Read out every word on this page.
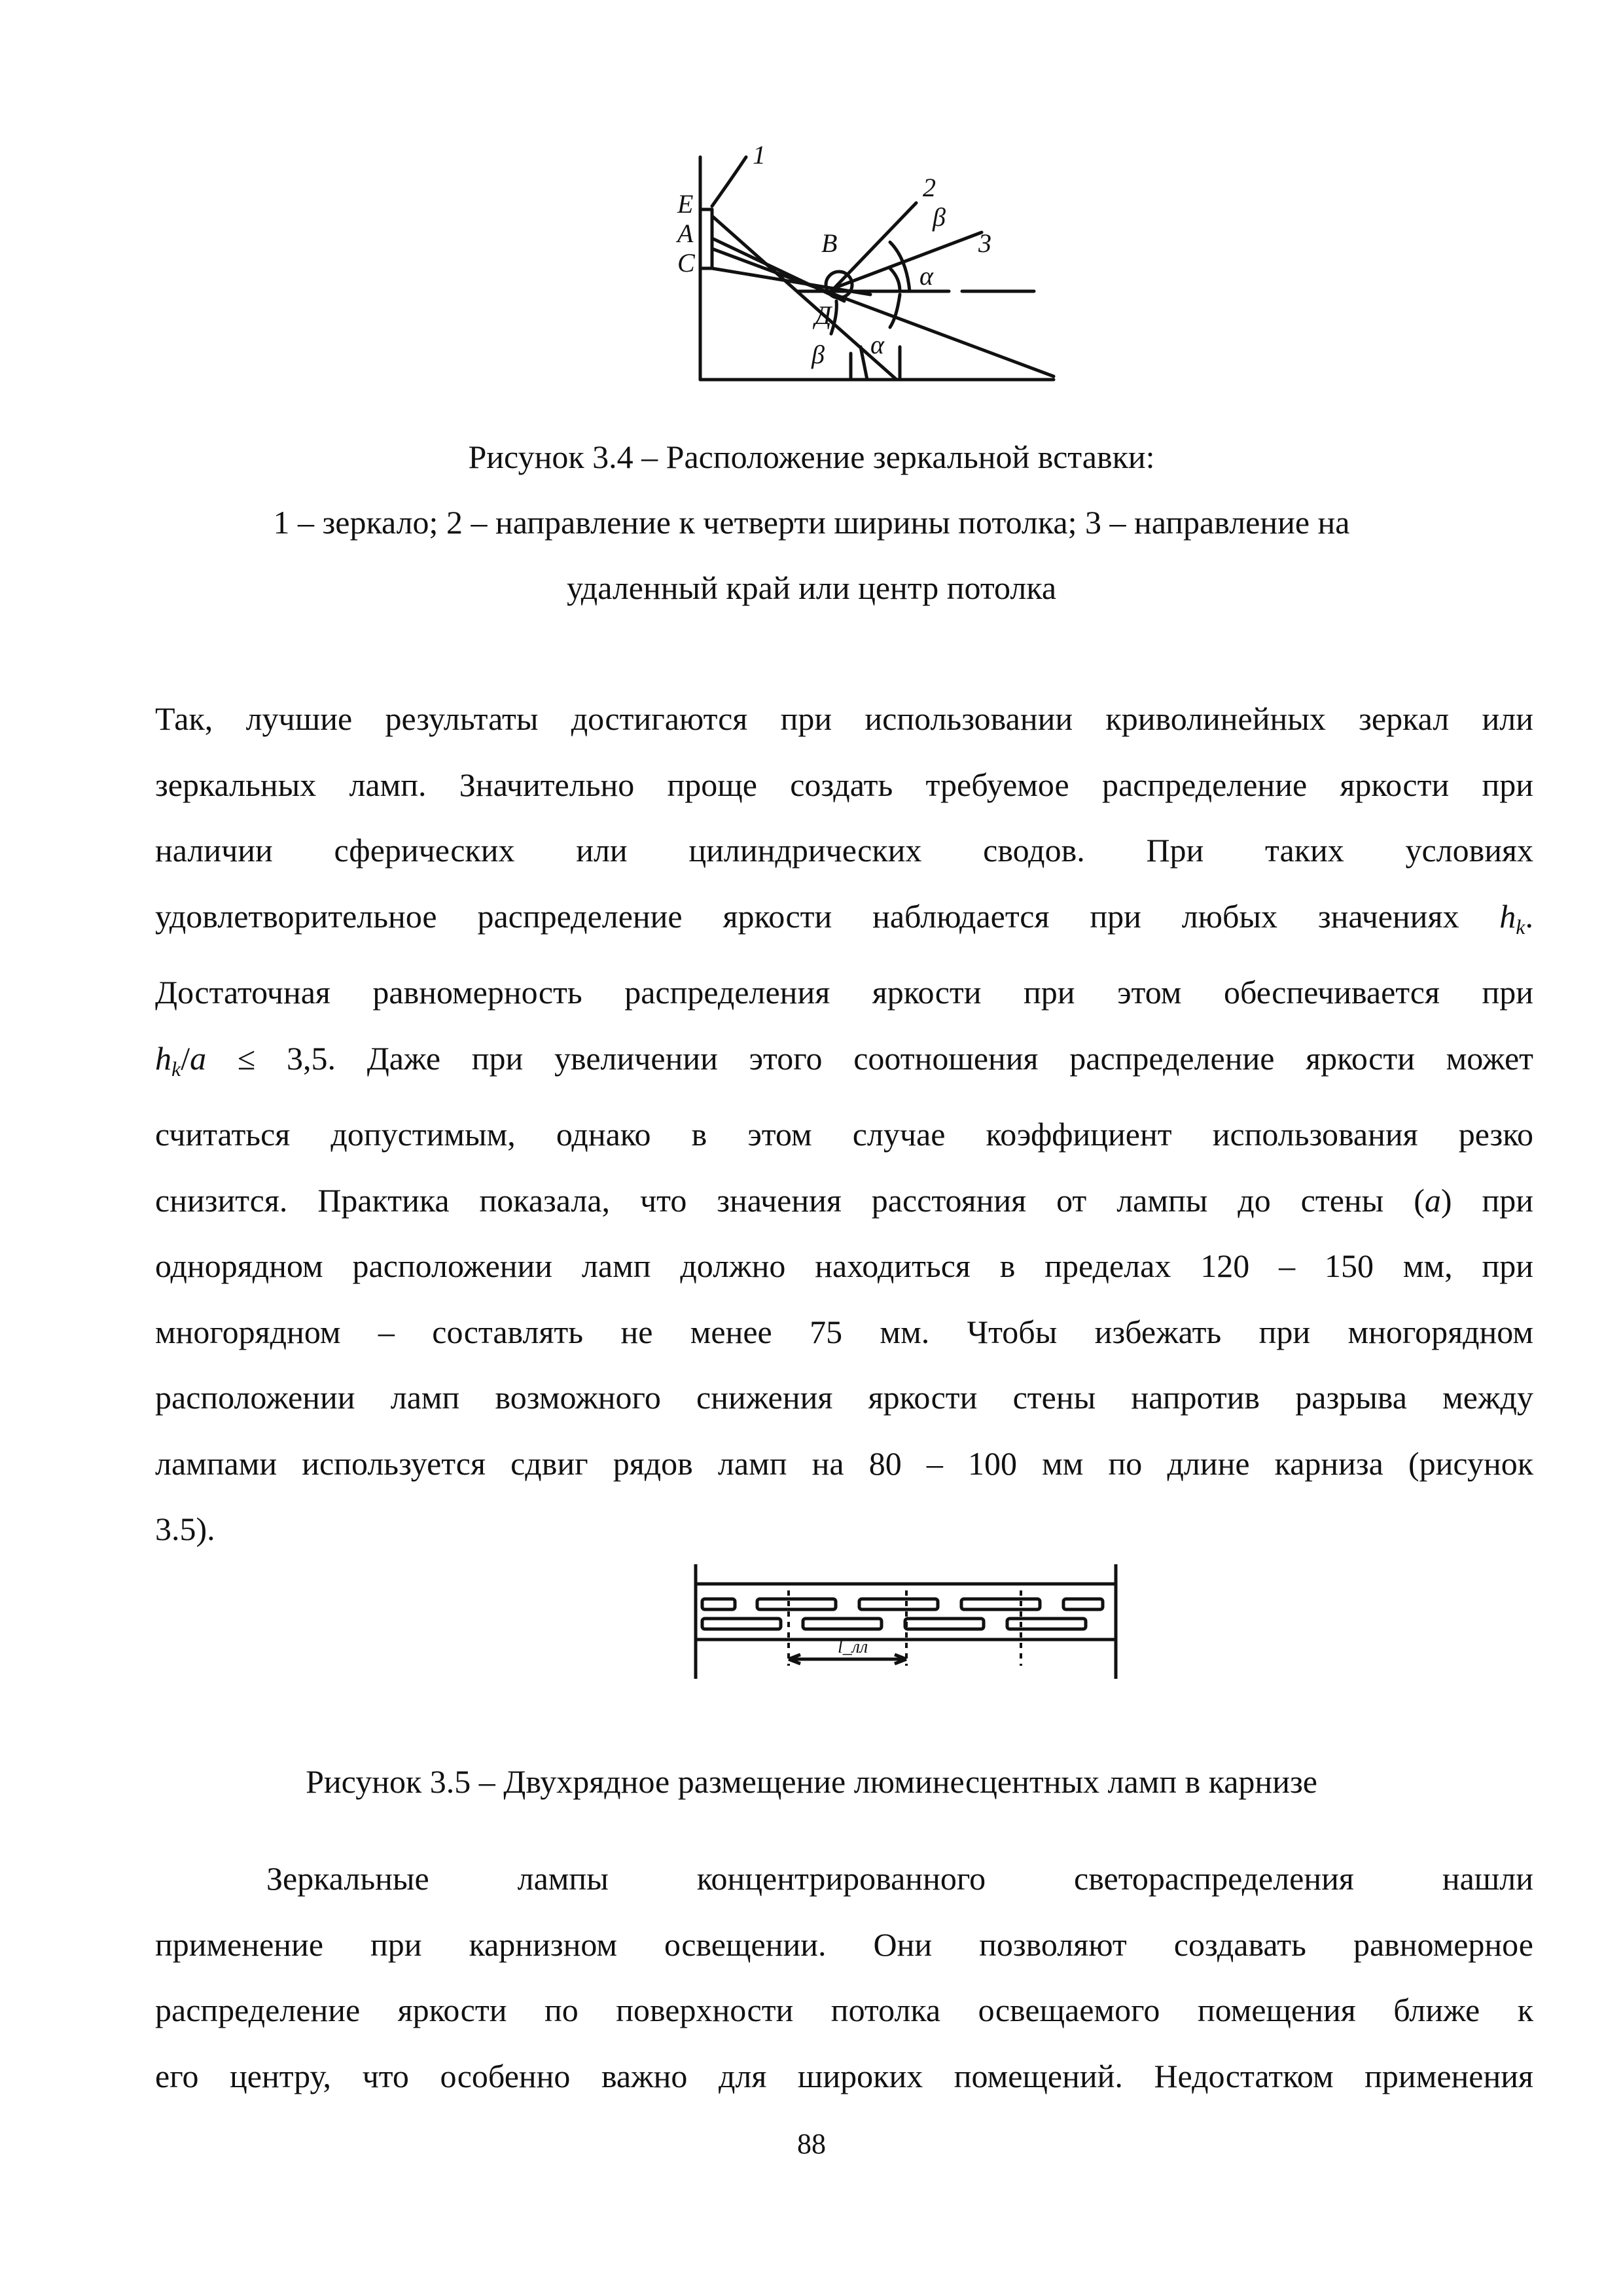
1
2
3
E
A
C
B
Д
β
α
β α
Рисунок 3.4 – Расположение зеркальной вставки:
1 – зеркало; 2 – направление к четверти ширины потолка; 3 – направление на
удаленный край или центр потолка
Так, лучшие результаты достигаются при использовании криволинейных зеркал или
зеркальных ламп. Значительно проще создать требуемое распределение яркости при
наличии сферических или цилиндрических сводов. При таких условиях
удовлетворительное распределение яркости наблюдается при любых значениях $h_k$.
Достаточная равномерность распределения яркости при этом обеспечивается при
$h_k/a \le 3,5$. Даже при увеличении этого соотношения распределение яркости может
считаться допустимым, однако в этом случае коэффициент использования резко
снизится. Практика показала, что значения расстояния от лампы до стены (а) при
однорядном расположении ламп должно находиться в пределах 120 – 150 мм, при
многорядном – составлять не менее 75 мм. Чтобы избежать при многорядном
расположении ламп возможного снижения яркости стены напротив разрыва между
лампами используется сдвиг рядов ламп на 80 – 100 мм по длине карниза (рисунок
3.5).
l_лл
Рисунок 3.5 – Двухрядное размещение люминесцентных ламп в карнизе
Зеркальные лампы концентрированного светораспределения нашли
применение при карнизном освещении. Они позволяют создавать равномерное
распределение яркости по поверхности потолка освещаемого помещения ближе к
его центру, что особенно важно для широких помещений. Недостатком применения
88
